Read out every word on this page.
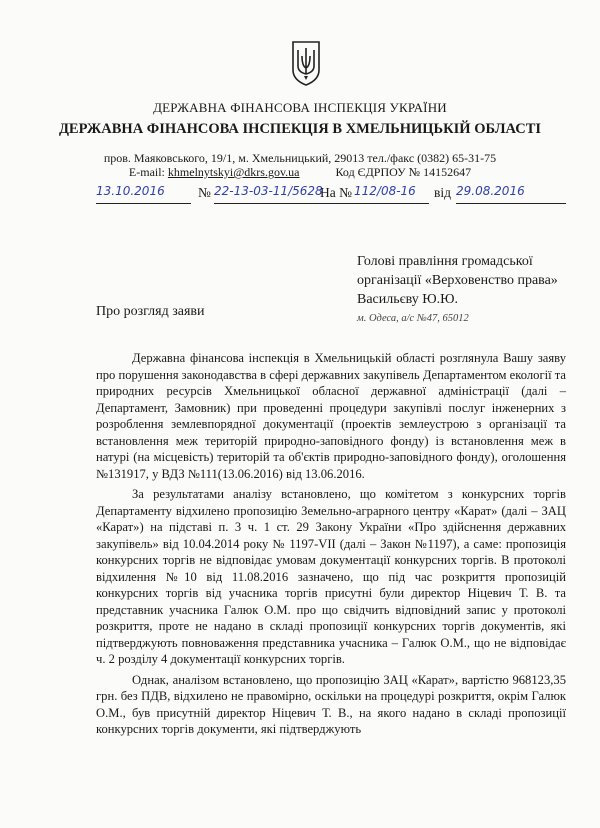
ДЕРЖАВНА ФІНАНСОВА ІНСПЕКЦІЯ УКРАЇНИ
ДЕРЖАВНА ФІНАНСОВА ІНСПЕКЦІЯ В ХМЕЛЬНИЦЬКІЙ ОБЛАСТІ
пров. Маяковського, 19/1, м. Хмельницький, 29013 тел./факс (0382) 65-31-75
E-mail: khmelnytskyi@dkrs.gov.ua	Код ЄДРПОУ № 14152647
13.10.2016	№ 22-13-03-11/5628
На № 112/08-16	від 29.08.2016
Голові правління громадської
організації «Верховенство права»
Васильєву Ю.Ю.
м. Одеса, а/с №47, 65012
Про розгляд заяви

Державна фінансова інспекція в Хмельницькій області розглянула Вашу заяву про порушення законодавства в сфері державних закупівель Департаментом екології та природних ресурсів Хмельницької обласної державної адміністрації (далі – Департамент, Замовник) при проведенні процедури закупівлі послуг інженерних з розроблення землевпорядної документації (проектів землеустрою з організації та встановлення меж територій природно-заповідного фонду) із встановлення меж в натурі (на місцевість) територій та об'єктів природно-заповідного фонду), оголошення №131917, у ВДЗ №111(13.06.2016) від 13.06.2016.

За результатами аналізу встановлено, що комітетом з конкурсних торгів Департаменту відхилено пропозицію Земельно-аграрного центру «Карат» (далі – ЗАЦ «Карат») на підставі п. 3 ч. 1 ст. 29 Закону України «Про здійснення державних закупівель» від 10.04.2014 року № 1197-VII (далі – Закон №1197), а саме: пропозиція конкурсних торгів не відповідає умовам документації конкурсних торгів. В протоколі відхилення №10 від 11.08.2016 зазначено, що під час розкриття пропозицій конкурсних торгів від учасника торгів присутні були директор Ніцевич Т. В. та представник учасника Галюк О.М. про що свідчить відповідний запис у протоколі розкриття, проте не надано в складі пропозиції конкурсних торгів документів, які підтверджують повноваження представника учасника – Галюк О.М., що не відповідає ч. 2 розділу 4 документації конкурсних торгів.

Однак, аналізом встановлено, що пропозицію ЗАЦ «Карат», вартістю 968123,35 грн. без ПДВ, відхилено не правомірно, оскільки на процедурі розкриття, окрім Галюк О.М., був присутній директор Ніцевич Т. В., на якого надано в складі пропозиції конкурсних торгів документи, які підтверджують
